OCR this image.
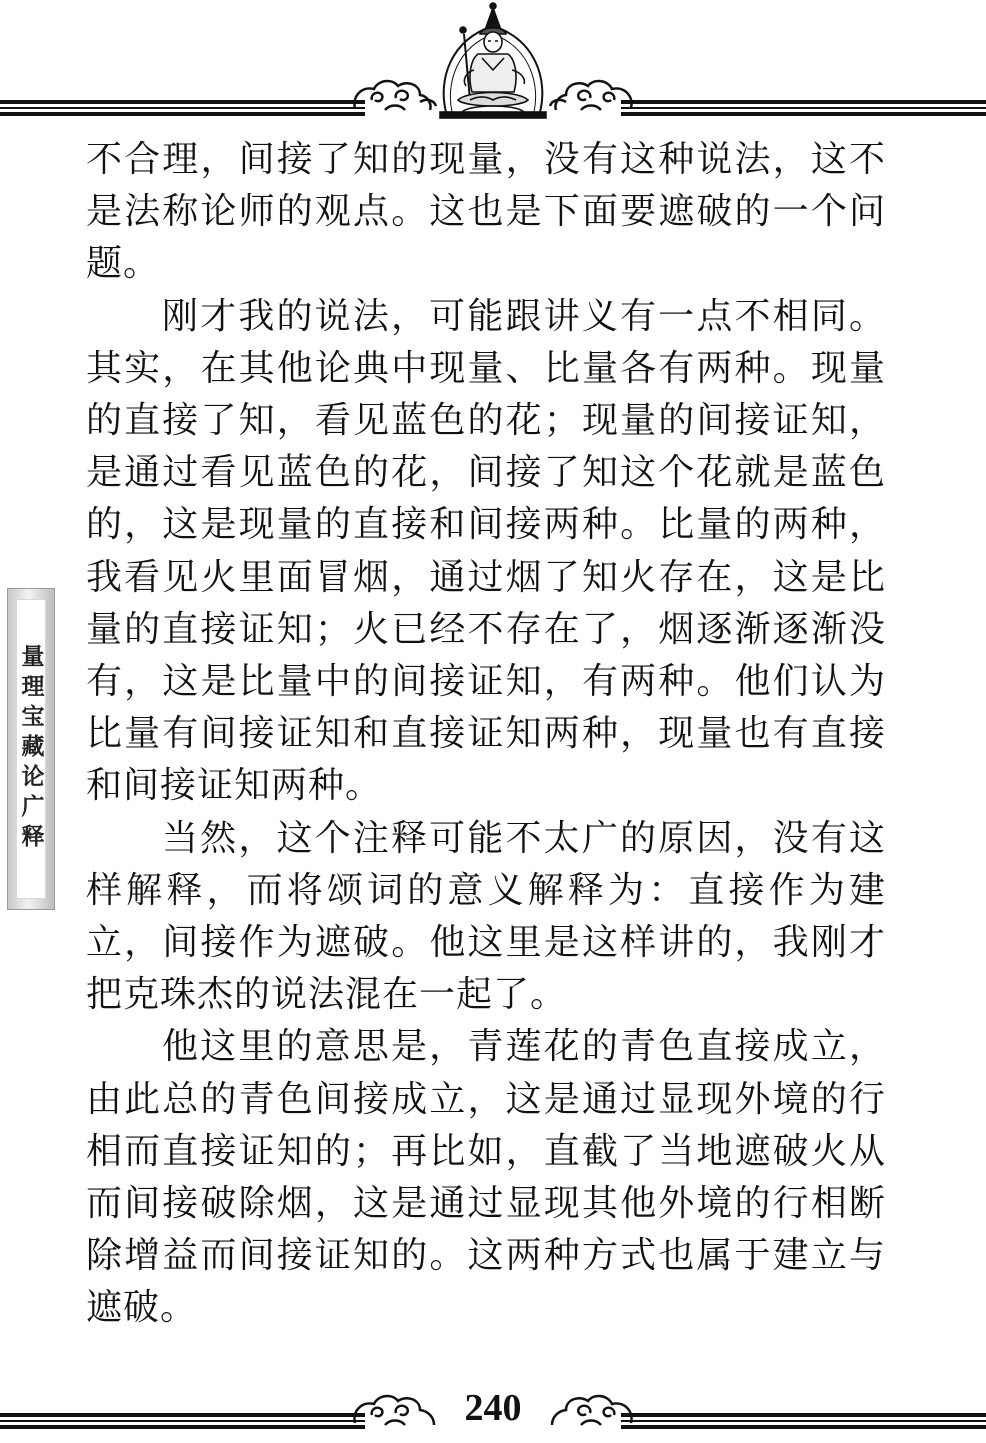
量理宝藏论广释

不合理，间接了知的现量，没有这种说法，这不是法称论师的观点。这也是下面要遮破的一个问题。

刚才我的说法，可能跟讲义有一点不相同。其实，在其他论典中现量、比量各有两种。现量的直接了知，看见蓝色的花；现量的间接证知，是通过看见蓝色的花，间接了知这个花就是蓝色的，这是现量的直接和间接两种。比量的两种，我看见火里面冒烟，通过烟了知火存在，这是比量的直接证知；火已经不存在了，烟逐渐逐渐没有，这是比量中的间接证知，有两种。他们认为比量有间接证知和直接证知两种，现量也有直接和间接证知两种。

当然，这个注释可能不太广的原因，没有这样解释，而将颂词的意义解释为：直接作为建立，间接作为遮破。他这里是这样讲的，我刚才把克珠杰的说法混在一起了。

他这里的意思是，青莲花的青色直接成立，由此总的青色间接成立，这是通过显现外境的行相而直接证知的；再比如，直截了当地遮破火从而间接破除烟，这是通过显现其他外境的行相断除增益而间接证知的。这两种方式也属于建立与遮破。

240
